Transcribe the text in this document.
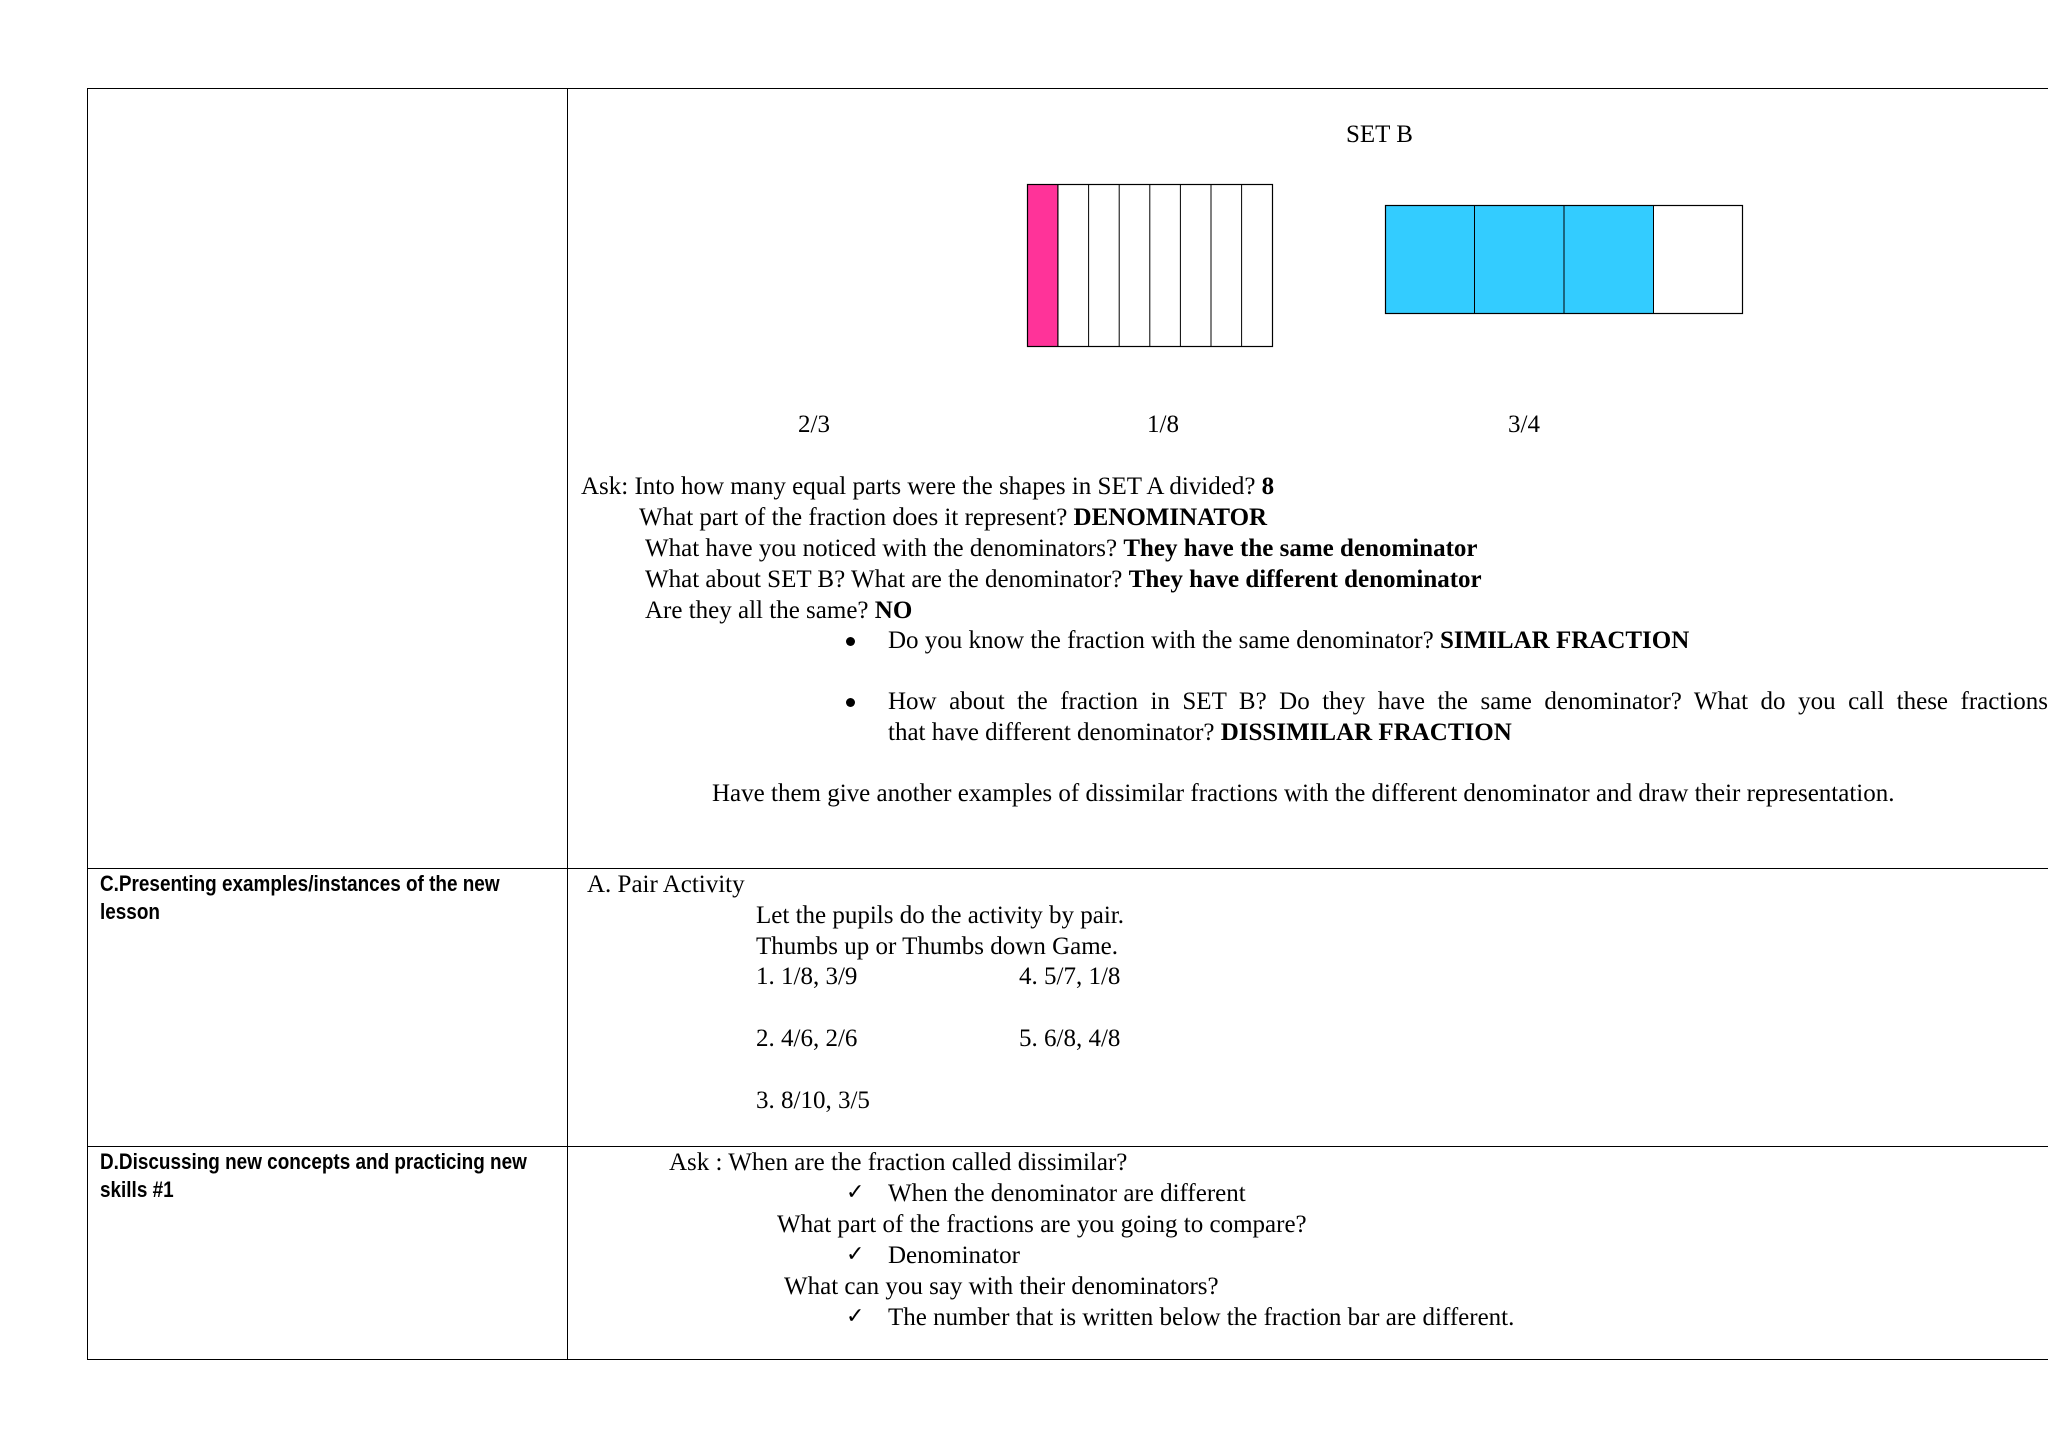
SET B
2/3	1/8	3/4
Ask: Into how many equal parts were the shapes in SET A divided? 8
What part of the fraction does it represent? DENOMINATOR
What have you noticed with the denominators? They have the same denominator
What about SET B? What are the denominator? They have different denominator
Are they all the same? NO
Do you know the fraction with the same denominator? SIMILAR FRACTION
How about the fraction in SET B? Do they have the same denominator? What do you call these fractions
that have different denominator? DISSIMILAR FRACTION
Have them give another examples of dissimilar fractions with the different denominator and draw their representation.
C.Presenting examples/instances of the new lesson
A. Pair Activity
Let the pupils do the activity by pair.
Thumbs up or Thumbs down Game.
1. 1/8, 3/9	4. 5/7, 1/8
2. 4/6, 2/6	5. 6/8, 4/8
3. 8/10, 3/5
D.Discussing new concepts and practicing new skills #1
Ask : When are the fraction called dissimilar?
✓ When the denominator are different
What part of the fractions are you going to compare?
✓ Denominator
What can you say with their denominators?
✓ The number that is written below the fraction bar are different.
